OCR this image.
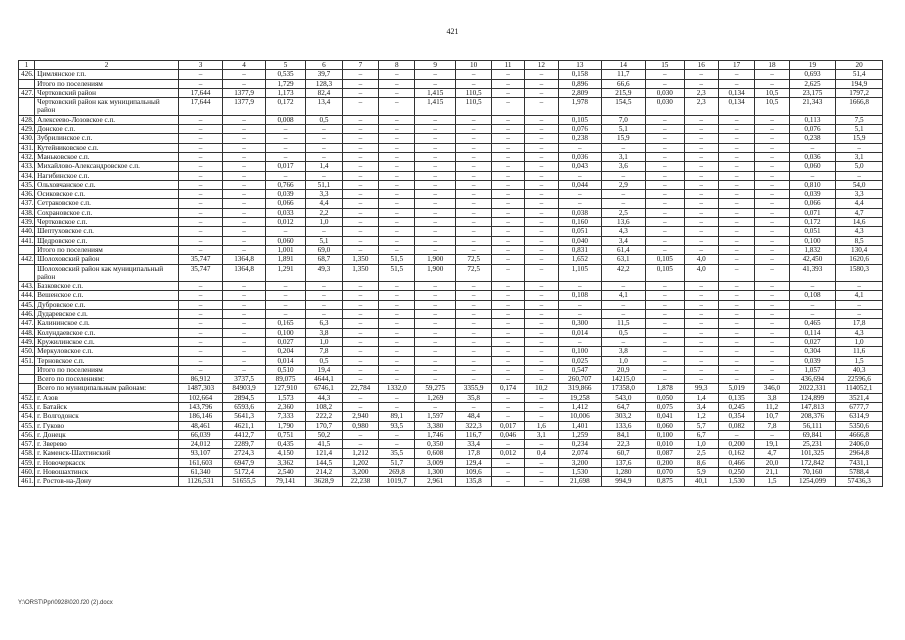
421
1	2	3	4	5	6	7	8	9	10	11	12	13	14	15	16	17	18	19	20
426.	Цимлянское г.п.	–	–	0,535	39,7	–	–	–	–	–	–	0,158	11,7	–	–	–	–	0,693	51,4
	Итого по поселениям	–	–	1,729	128,3	–	–	–	–	–	–	0,896	66,6	–	–	–	–	2,625	194,9
427.	Чертковский район	17,644	1377,9	1,173	82,4	–	–	1,415	110,5	–	–	2,809	215,9	0,030	2,3	0,134	10,5	23,175	1797,2
	Чертковский район как муниципальный район	17,644	1377,9	0,172	13,4	–	–	1,415	110,5	–	–	1,978	154,5	0,030	2,3	0,134	10,5	21,343	1666,8
428.	Алексеево-Лозовское с.п.	–	–	0,008	0,5	–	–	–	–	–	–	0,105	7,0	–	–	–	–	0,113	7,5
429.	Донское с.п.	–	–	–	–	–	–	–	–	–	–	0,076	5,1	–	–	–	–	0,076	5,1
430.	Зубрилинское с.п.	–	–	–	–	–	–	–	–	–	–	0,238	15,9	–	–	–	–	0,238	15,9
431.	Кутейниковское с.п.	–	–	–	–	–	–	–	–	–	–	–	–	–	–	–	–	–	–
432.	Маньковское с.п.	–	–	–	–	–	–	–	–	–	–	0,036	3,1	–	–	–	–	0,036	3,1
433.	Михайлово-Александровское с.п.	–	–	0,017	1,4	–	–	–	–	–	–	0,043	3,6	–	–	–	–	0,060	5,0
434.	Нагибинское с.п.	–	–	–	–	–	–	–	–	–	–	–	–	–	–	–	–	–	–
435.	Ольховчанское с.п.	–	–	0,766	51,1	–	–	–	–	–	–	0,044	2,9	–	–	–	–	0,810	54,0
436.	Осиковское с.п.	–	–	0,039	3,3	–	–	–	–	–	–	–	–	–	–	–	–	0,039	3,3
437.	Сетраковское с.п.	–	–	0,066	4,4	–	–	–	–	–	–	–	–	–	–	–	–	0,066	4,4
438.	Сохрановское с.п.	–	–	0,033	2,2	–	–	–	–	–	–	0,038	2,5	–	–	–	–	0,071	4,7
439.	Чертковское с.п.	–	–	0,012	1,0	–	–	–	–	–	–	0,160	13,6	–	–	–	–	0,172	14,6
440.	Шептуховское с.п.	–	–	–	–	–	–	–	–	–	–	0,051	4,3	–	–	–	–	0,051	4,3
441.	Щедровское с.п.	–	–	0,060	5,1	–	–	–	–	–	–	0,040	3,4	–	–	–	–	0,100	8,5
	Итого по поселениям	–	–	1,001	69,0	–	–	–	–	–	–	0,831	61,4	–	–	–	–	1,832	130,4
442.	Шолоховский район	35,747	1364,8	1,891	68,7	1,350	51,5	1,900	72,5	–	–	1,652	63,1	0,105	4,0	–	–	42,450	1620,6
	Шолоховский район как муниципальный район	35,747	1364,8	1,291	49,3	1,350	51,5	1,900	72,5	–	–	1,105	42,2	0,105	4,0	–	–	41,393	1580,3
443.	Базковское с.п.	–	–	–	–	–	–	–	–	–	–	–	–	–	–	–	–	–	–
444.	Вешенское с.п.	–	–	–	–	–	–	–	–	–	–	0,108	4,1	–	–	–	–	0,108	4,1
445.	Дубровское с.п.	–	–	–	–	–	–	–	–	–	–	–	–	–	–	–	–	–	–
446.	Дударевское с.п.	–	–	–	–	–	–	–	–	–	–	–	–	–	–	–	–	–	–
447.	Калининское с.п.	–	–	0,165	6,3	–	–	–	–	–	–	0,300	11,5	–	–	–	–	0,465	17,8
448.	Колундаевское с.п.	–	–	0,100	3,8	–	–	–	–	–	–	0,014	0,5	–	–	–	–	0,114	4,3
449.	Кружилинское с.п.	–	–	0,027	1,0	–	–	–	–	–	–	–	–	–	–	–	–	0,027	1,0
450.	Меркуловское с.п.	–	–	0,204	7,8	–	–	–	–	–	–	0,100	3,8	–	–	–	–	0,304	11,6
451.	Терновское с.п.	–	–	0,014	0,5	–	–	–	–	–	–	0,025	1,0	–	–	–	–	0,039	1,5
	Итого по поселениям	–	–	0,510	19,4	–	–	–	–	–	–	0,547	20,9	–	–	–	–	1,057	40,3
	Всего по поселениям:	86,912	3737,5	89,075	4644,1	–	–	–	–	–	–	260,707	14215,0	–	–	–	–	436,694	22596,6
	Всего по муниципальным районам:	1487,303	84903,9	127,910	6746,1	22,784	1332,0	59,275	3355,9	0,174	10,2	319,866	17358,0	1,878	99,3	5,019	346,0	2022,331	114052,1
452.	г. Азов	102,664	2894,5	1,573	44,3	–	–	1,269	35,8	–	–	19,258	543,0	0,050	1,4	0,135	3,8	124,899	3521,4
453.	г. Батайск	143,796	6593,6	2,360	108,2	–	–	–	–	–	–	1,412	64,7	0,075	3,4	0,245	11,2	147,813	6777,7
454.	г. Волгодонск	186,146	5641,3	7,333	222,2	2,940	89,1	1,597	48,4	–	–	10,006	303,2	0,041	1,2	0,354	10,7	208,376	6314,9
455.	г. Гуково	48,461	4621,1	1,790	170,7	0,980	93,5	3,380	322,3	0,017	1,6	1,401	133,6	0,060	5,7	0,082	7,8	56,111	5350,6
456.	г. Донецк	66,039	4412,7	0,751	50,2	–	–	1,746	116,7	0,046	3,1	1,259	84,1	0,100	6,7	–	–	69,841	4666,8
457.	г. Зверево	24,012	2289,7	0,435	41,5	–	–	0,350	33,4	–	–	0,234	22,3	0,010	1,0	0,200	19,1	25,231	2406,0
458.	г. Каменск-Шахтинский	93,107	2724,3	4,150	121,4	1,212	35,5	0,608	17,8	0,012	0,4	2,074	60,7	0,087	2,5	0,162	4,7	101,325	2964,8
459.	г. Новочеркасск	161,603	6947,9	3,362	144,5	1,202	51,7	3,009	129,4	–	–	3,200	137,6	0,200	8,6	0,466	20,0	172,842	7431,1
460.	г. Новошахтинск	61,340	5172,4	2,540	214,2	3,200	269,8	1,300	109,6	–	–	1,530	1,280	0,070	5,9	0,250	21,1	70,160	5788,4
461.	г. Ростов-на-Дону	1126,531	51655,5	79,141	3628,9	22,238	1019,7	2,961	135,8	–	–	21,698	994,9	0,875	40,1	1,530	1,5	1254,099	57436,3
Y:\ORST\Ppr\0928\020.f20 (2).docx
